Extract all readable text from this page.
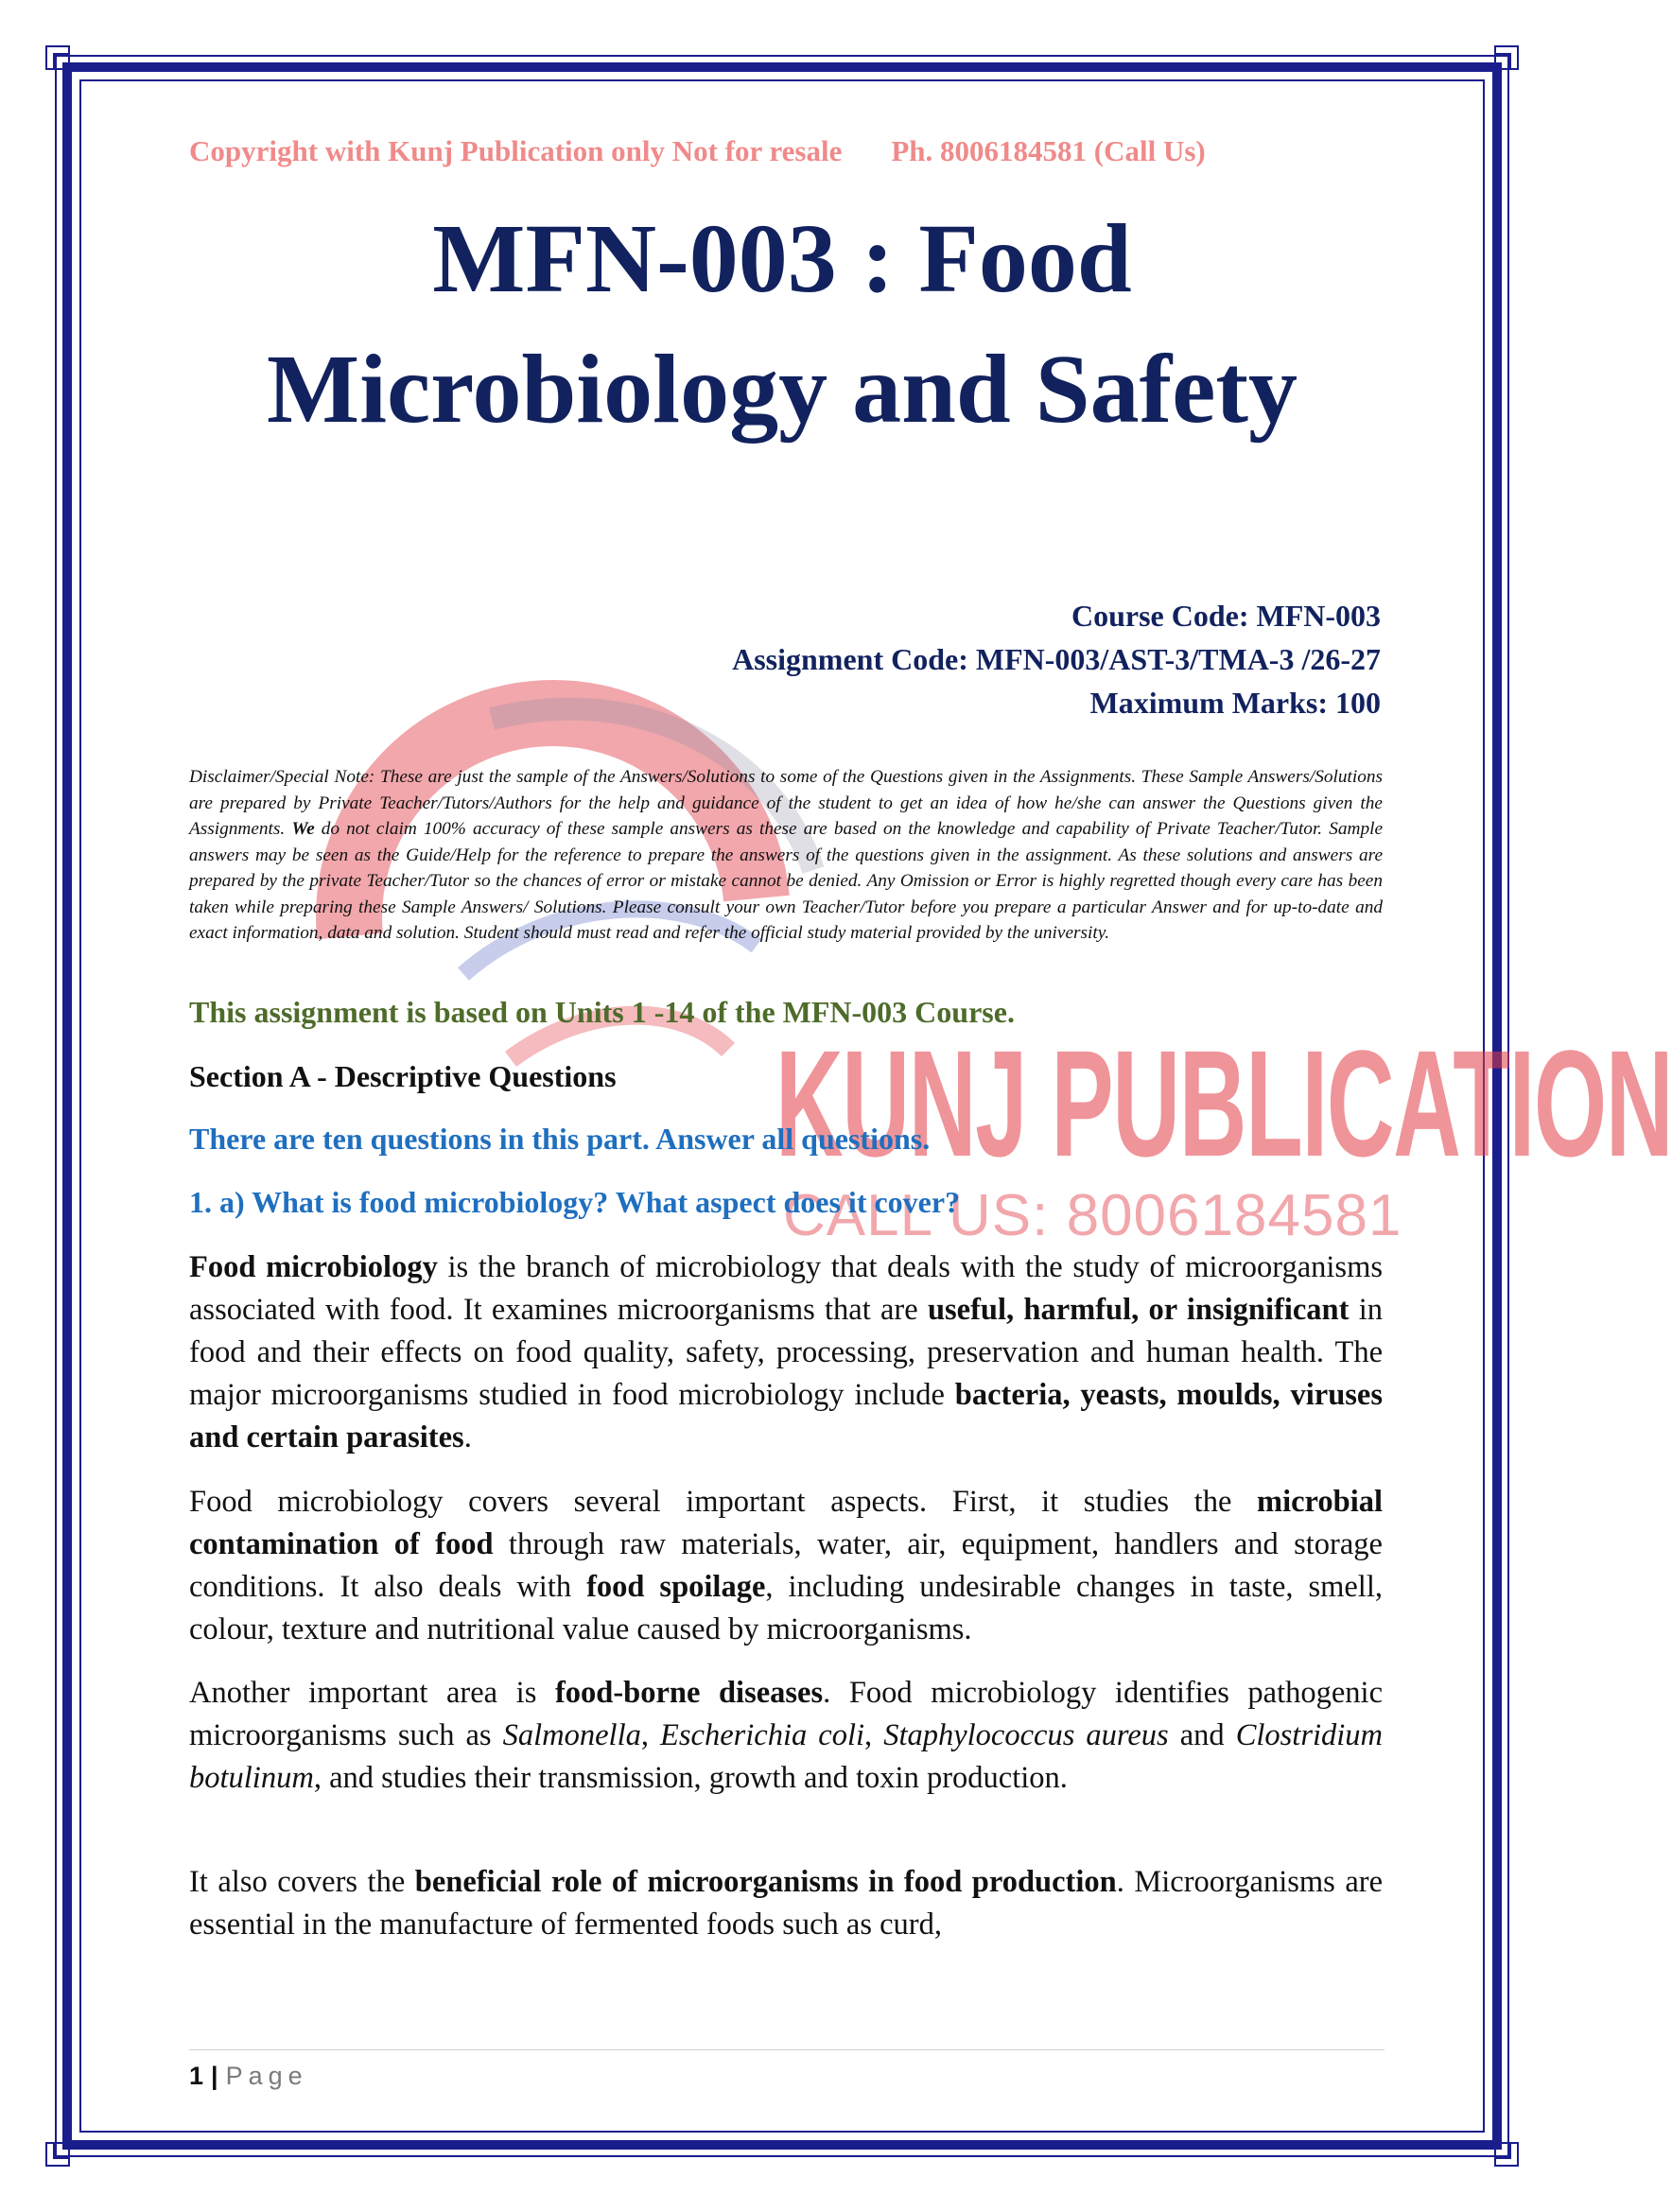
KUNJ PUBLICATION
CALL US: 8006184581
Copyright with Kunj Publication only Not for resale Ph. 8006184581 (Call Us)
MFN-003 : Food
Microbiology and Safety
Course Code: MFN-003
Assignment Code: MFN-003/AST-3/TMA-3 /26-27
Maximum Marks: 100
Disclaimer/Special Note: These are just the sample of the Answers/Solutions to some of the Questions given in the Assignments. These Sample Answers/Solutions are prepared by Private Teacher/Tutors/Authors for the help and guidance of the student to get an idea of how he/she can answer the Questions given the Assignments. We do not claim 100% accuracy of these sample answers as these are based on the knowledge and capability of Private Teacher/Tutor. Sample answers may be seen as the Guide/Help for the reference to prepare the answers of the questions given in the assignment. As these solutions and answers are prepared by the private Teacher/Tutor so the chances of error or mistake cannot be denied. Any Omission or Error is highly regretted though every care has been taken while preparing these Sample Answers/ Solutions. Please consult your own Teacher/Tutor before you prepare a particular Answer and for up-to-date and exact information, data and solution. Student should must read and refer the official study material provided by the university.
This assignment is based on Units 1 -14 of the MFN-003 Course.
Section A - Descriptive Questions
There are ten questions in this part. Answer all questions.
1. a) What is food microbiology? What aspect does it cover?
Food microbiology is the branch of microbiology that deals with the study of microorganisms associated with food. It examines microorganisms that are useful, harmful, or insignificant in food and their effects on food quality, safety, processing, preservation and human health. The major microorganisms studied in food microbiology include bacteria, yeasts, moulds, viruses and certain parasites.
Food microbiology covers several important aspects. First, it studies the microbial contamination of food through raw materials, water, air, equipment, handlers and storage conditions. It also deals with food spoilage, including undesirable changes in taste, smell, colour, texture and nutritional value caused by microorganisms.
Another important area is food-borne diseases. Food microbiology identifies pathogenic microorganisms such as Salmonella, Escherichia coli, Staphylococcus aureus and Clostridium botulinum, and studies their transmission, growth and toxin production.
It also covers the beneficial role of microorganisms in food production. Microorganisms are essential in the manufacture of fermented foods such as curd,
1 | Page
